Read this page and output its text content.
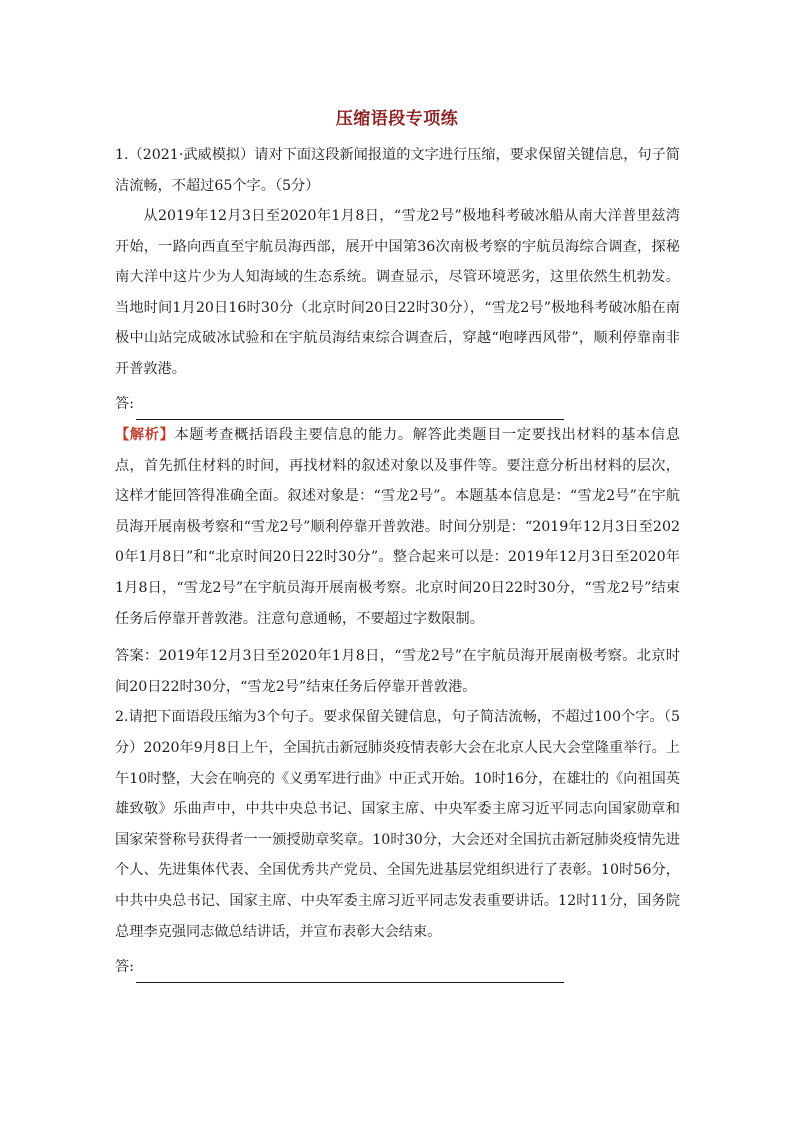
压缩语段专项练
1.（2021·武威模拟）请对下面这段新闻报道的文字进行压缩，要求保留关键信息，句子简洁流畅，不超过65个字。（5分）
从2019年12月3日至2020年1月8日，“雪龙2号”极地科考破冰船从南大洋普里兹湾开始，一路向西直至宇航员海西部，展开中国第36次南极考察的宇航员海综合调查，探秘南大洋中这片少为人知海域的生态系统。调查显示，尽管环境恶劣，这里依然生机勃发。当地时间1月20日16时30分（北京时间20日22时30分），“雪龙2号”极地科考破冰船在南极中山站完成破冰试验和在宇航员海结束综合调查后，穿越“咆哮西风带”，顺利停靠南非开普敦港。
答:
【解析】本题考查概括语段主要信息的能力。解答此类题目一定要找出材料的基本信息点，首先抓住材料的时间，再找材料的叙述对象以及事件等。要注意分析出材料的层次，这样才能回答得准确全面。叙述对象是：“雪龙2号”。本题基本信息是：“雪龙2号”在宇航员海开展南极考察和“雪龙2号”顺利停靠开普敦港。时间分别是：“2019年12月3日至2020年1月8日”和“北京时间20日22时30分”。整合起来可以是：2019年12月3日至2020年1月8日，“雪龙2号”在宇航员海开展南极考察。北京时间20日22时30分，“雪龙2号”结束任务后停靠开普敦港。注意句意通畅，不要超过字数限制。
答案：2019年12月3日至2020年1月8日，“雪龙2号”在宇航员海开展南极考察。北京时间20日22时30分，“雪龙2号”结束任务后停靠开普敦港。
2.请把下面语段压缩为3个句子。要求保留关键信息，句子简洁流畅，不超过100个字。（5分） 2020年9月8日上午，全国抗击新冠肺炎疫情表彰大会在北京人民大会堂隆重举行。上午10时整，大会在响亮的《义勇军进行曲》中正式开始。10时16分，在雄壮的《向祖国英雄致敬》乐曲声中，中共中央总书记、国家主席、中央军委主席习近平同志向国家勋章和国家荣誉称号获得者一一颁授勋章奖章。10时30分，大会还对全国抗击新冠肺炎疫情先进个人、先进集体代表、全国优秀共产党员、全国先进基层党组织进行了表彰。10时56分，中共中央总书记、国家主席、中央军委主席习近平同志发表重要讲话。12时11分，国务院总理李克强同志做总结讲话，并宣布表彰大会结束。
答:
